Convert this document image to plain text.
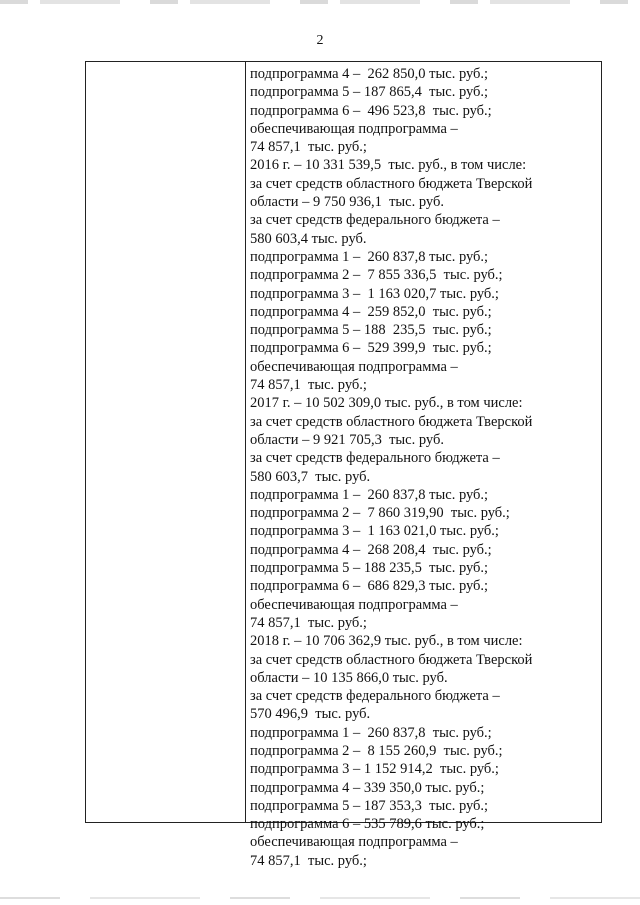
2
подпрограмма 4 –  262 850,0 тыс. руб.;
подпрограмма 5 – 187 865,4  тыс. руб.;
подпрограмма 6 –  496 523,8  тыс. руб.;
обеспечивающая подпрограмма –
74 857,1  тыс. руб.;
2016 г. – 10 331 539,5  тыс. руб., в том числе:
за счет средств областного бюджета Тверской
области – 9 750 936,1  тыс. руб.
за счет средств федерального бюджета –
580 603,4 тыс. руб.
подпрограмма 1 –  260 837,8 тыс. руб.;
подпрограмма 2 –  7 855 336,5  тыс. руб.;
подпрограмма 3 –  1 163 020,7 тыс. руб.;
подпрограмма 4 –  259 852,0  тыс. руб.;
подпрограмма 5 – 188  235,5  тыс. руб.;
подпрограмма 6 –  529 399,9  тыс. руб.;
обеспечивающая подпрограмма –
74 857,1  тыс. руб.;
2017 г. – 10 502 309,0 тыс. руб., в том числе:
за счет средств областного бюджета Тверской
области – 9 921 705,3  тыс. руб.
за счет средств федерального бюджета –
580 603,7  тыс. руб.
подпрограмма 1 –  260 837,8 тыс. руб.;
подпрограмма 2 –  7 860 319,90  тыс. руб.;
подпрограмма 3 –  1 163 021,0 тыс. руб.;
подпрограмма 4 –  268 208,4  тыс. руб.;
подпрограмма 5 – 188 235,5  тыс. руб.;
подпрограмма 6 –  686 829,3 тыс. руб.;
обеспечивающая подпрограмма –
74 857,1  тыс. руб.;
2018 г. – 10 706 362,9 тыс. руб., в том числе:
за счет средств областного бюджета Тверской
области – 10 135 866,0 тыс. руб.
за счет средств федерального бюджета –
570 496,9  тыс. руб.
подпрограмма 1 –  260 837,8  тыс. руб.;
подпрограмма 2 –  8 155 260,9  тыс. руб.;
подпрограмма 3 – 1 152 914,2  тыс. руб.;
подпрограмма 4 – 339 350,0 тыс. руб.;
подпрограмма 5 – 187 353,3  тыс. руб.;
подпрограмма 6 – 535 789,6 тыс. руб.;
обеспечивающая подпрограмма –
74 857,1  тыс. руб.;
